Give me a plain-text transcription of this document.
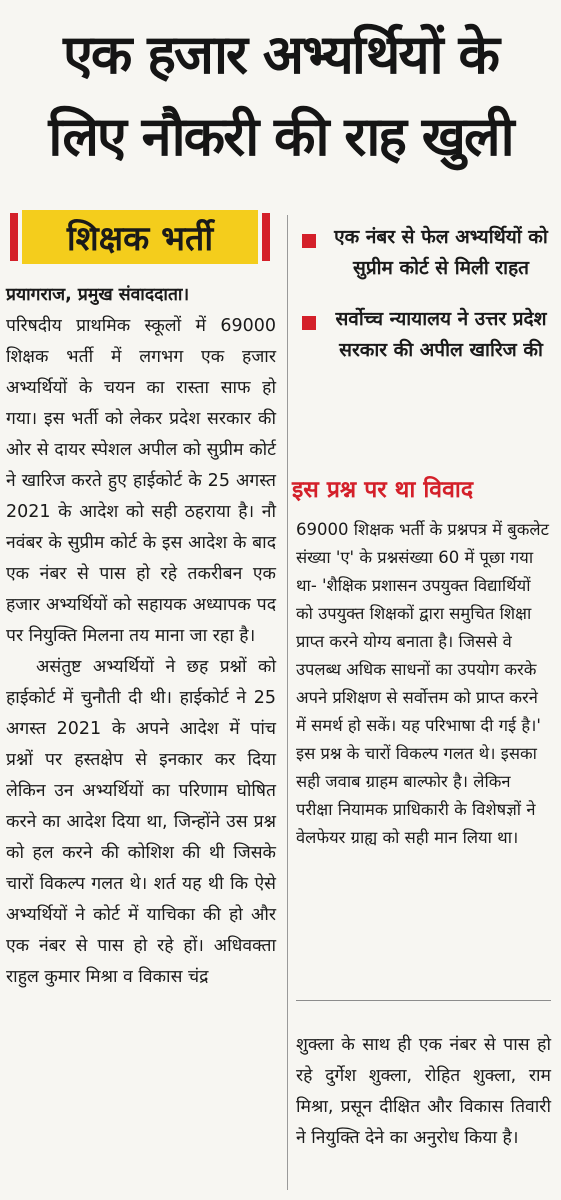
एक हजार अभ्यर्थियों के
लिए नौकरी की राह खुली
शिक्षक भर्ती

प्रयागराज, प्रमुख संवाददाता।

परिषदीय प्राथमिक स्कूलों में 69000 शिक्षक भर्ती में लगभग एक हजार अभ्यर्थियों के चयन का रास्ता साफ हो गया। इस भर्ती को लेकर प्रदेश सरकार की ओर से दायर स्पेशल अपील को सुप्रीम कोर्ट ने खारिज करते हुए हाईकोर्ट के 25 अगस्त 2021 के आदेश को सही ठहराया है। नौ नवंबर के सुप्रीम कोर्ट के इस आदेश के बाद एक नंबर से पास हो रहे तकरीबन एक हजार अभ्यर्थियों को सहायक अध्यापक पद पर नियुक्ति मिलना तय माना जा रहा है।

असंतुष्ट अभ्यर्थियों ने छह प्रश्नों को हाईकोर्ट में चुनौती दी थी। हाईकोर्ट ने 25 अगस्त 2021 के अपने आदेश में पांच प्रश्नों पर हस्तक्षेप से इनकार कर दिया लेकिन उन अभ्यर्थियों का परिणाम घोषित करने का आदेश दिया था, जिन्होंने उस प्रश्न को हल करने की कोशिश की थी जिसके चारों विकल्प गलत थे। शर्त यह थी कि ऐसे अभ्यर्थियों ने कोर्ट में याचिका की हो और एक नंबर से पास हो रहे हों। अधिवक्ता राहुल कुमार मिश्रा व विकास चंद्र

एक नंबर से फेल अभ्यर्थियों को सुप्रीम कोर्ट से मिली राहत
सर्वोच्च न्यायालय ने उत्तर प्रदेश सरकार की अपील खारिज की
इस प्रश्न पर था विवाद
69000 शिक्षक भर्ती के प्रश्नपत्र में बुकलेट संख्या 'ए' के प्रश्नसंख्या 60 में पूछा गया था- 'शैक्षिक प्रशासन उपयुक्त विद्यार्थियों को उपयुक्त शिक्षकों द्वारा समुचित शिक्षा प्राप्त करने योग्य बनाता है। जिससे वे उपलब्ध अधिक साधनों का उपयोग करके अपने प्रशिक्षण से सर्वोत्तम को प्राप्त करने में समर्थ हो सकें। यह परिभाषा दी गई है।' इस प्रश्न के चारों विकल्प गलत थे। इसका सही जवाब ग्राहम बाल्फोर है। लेकिन परीक्षा नियामक प्राधिकारी के विशेषज्ञों ने वेलफेयर ग्राह्य को सही मान लिया था।
शुक्ला के साथ ही एक नंबर से पास हो रहे दुर्गेश शुक्ला, रोहित शुक्ला, राम मिश्रा, प्रसून दीक्षित और विकास तिवारी ने नियुक्ति देने का अनुरोध किया है।
